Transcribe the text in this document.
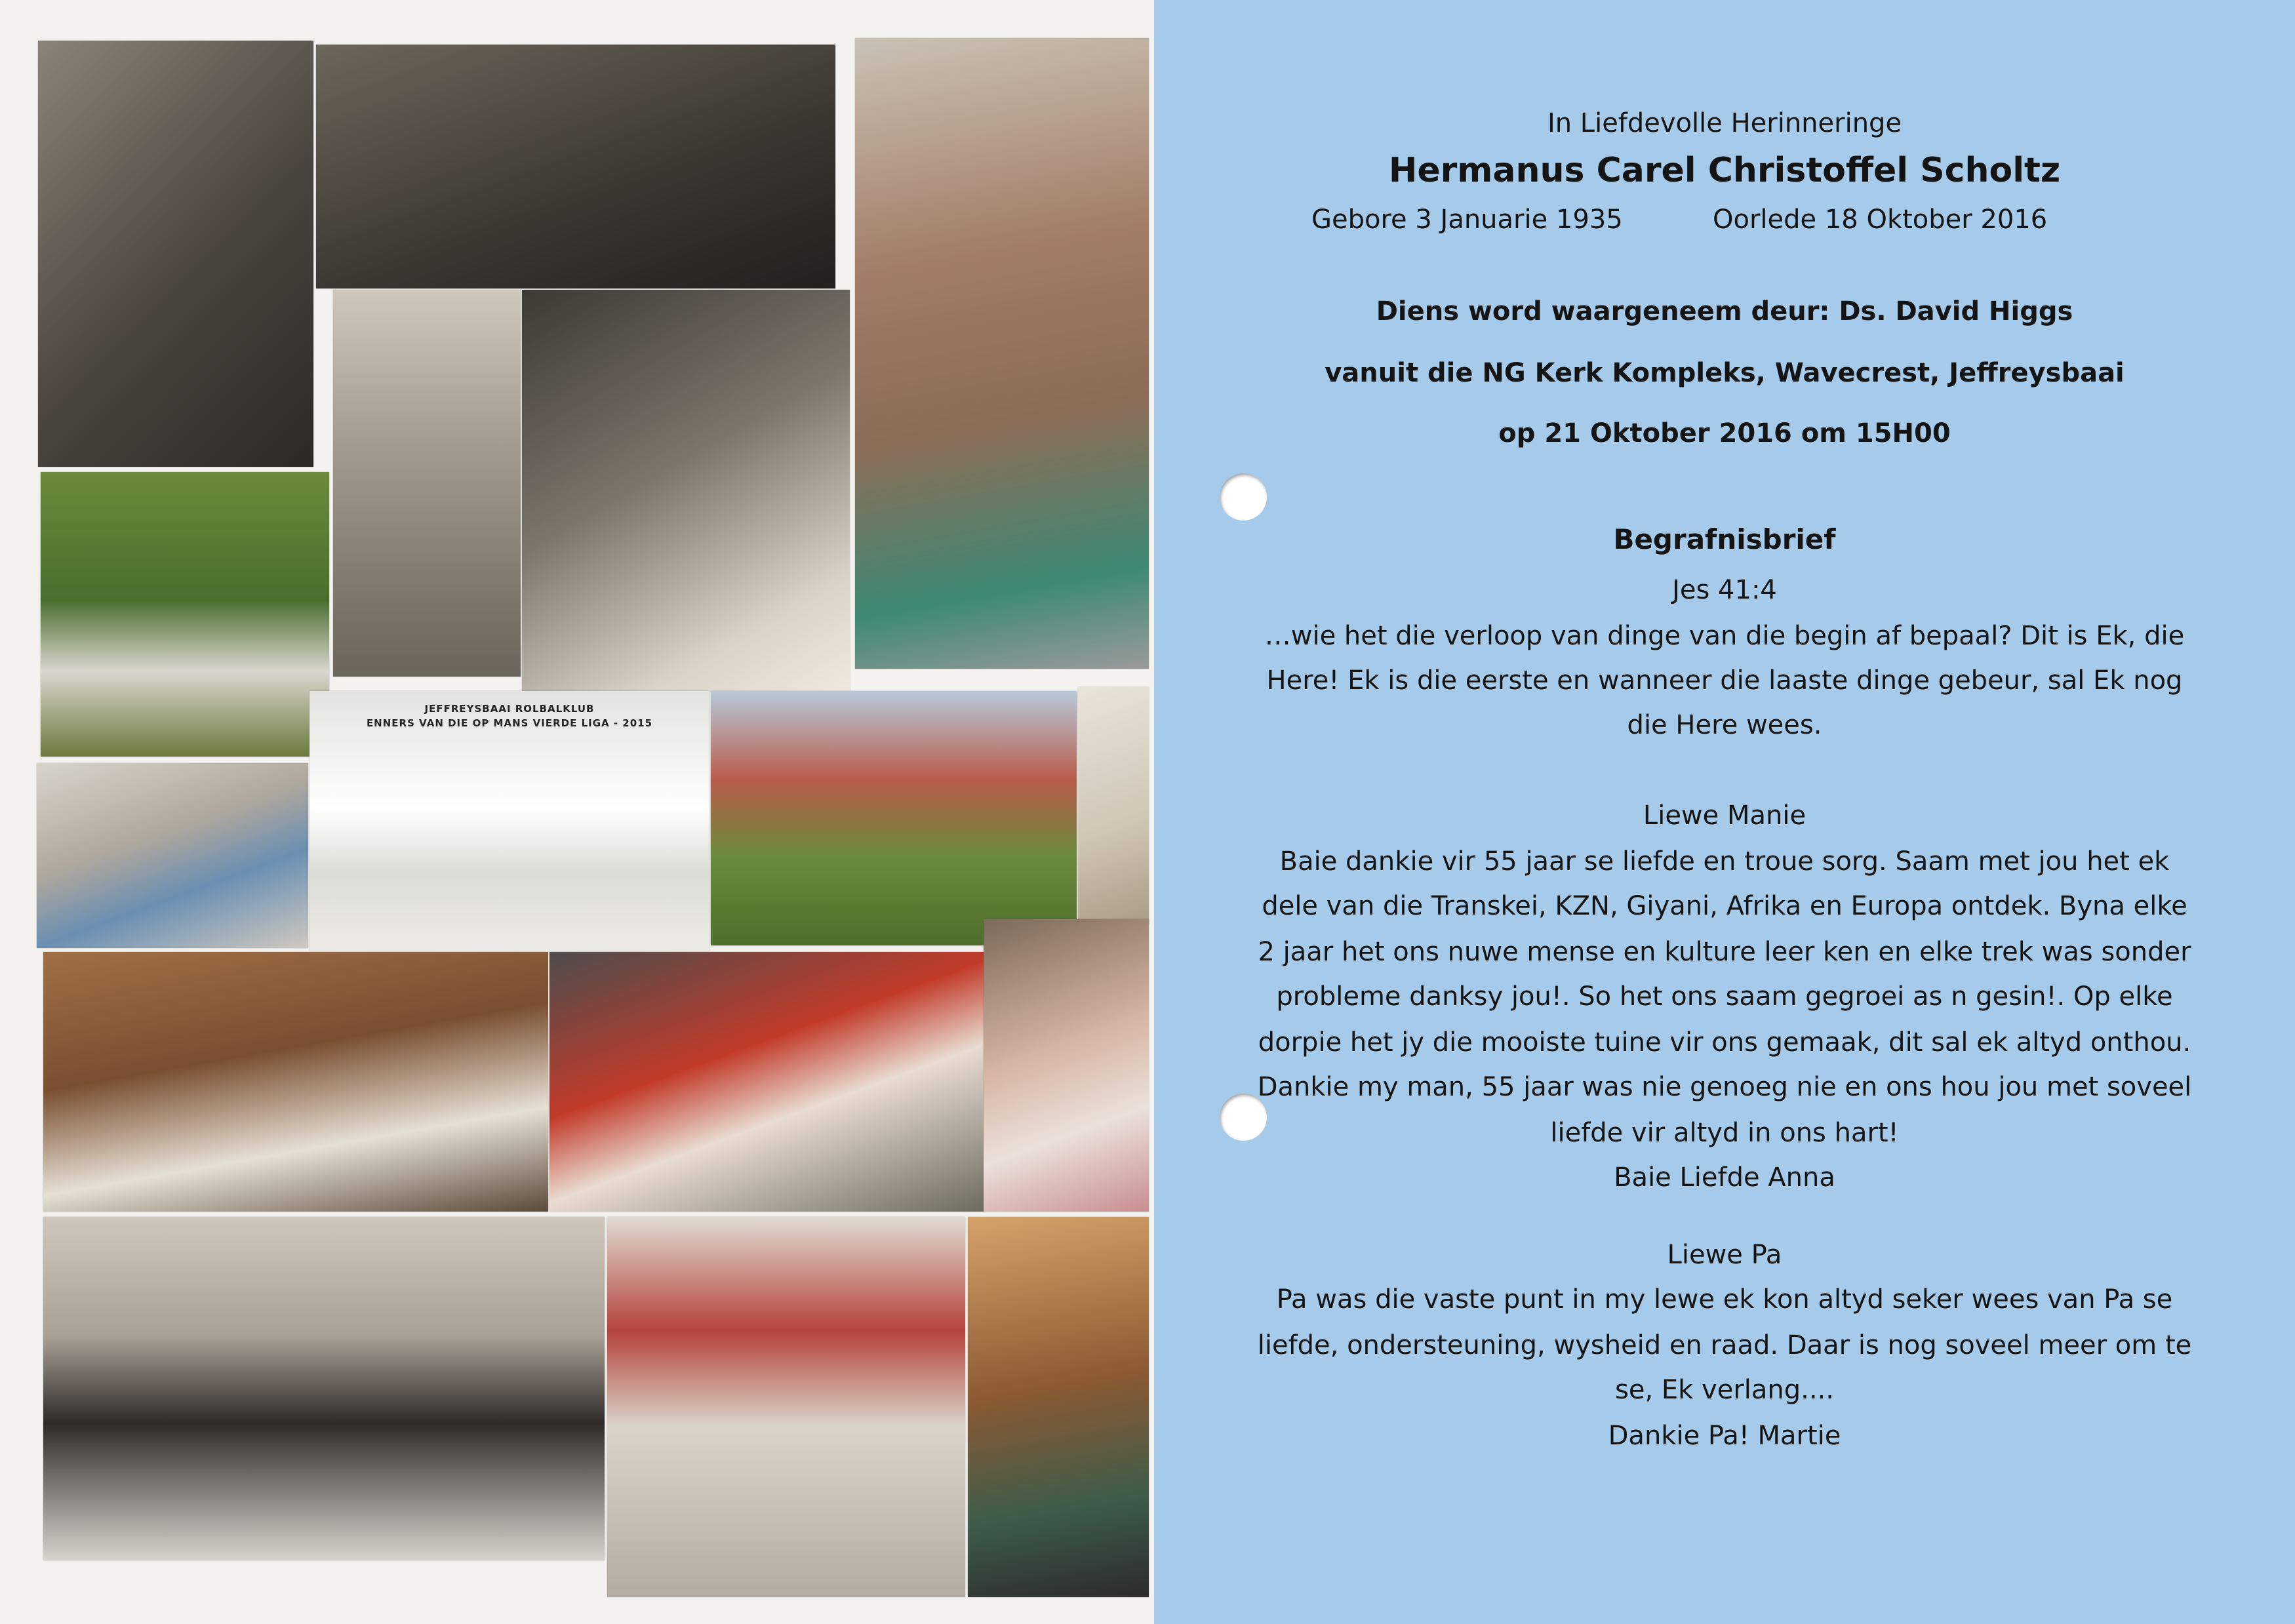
JEFFREYSBAAI ROLBALKLUB
ENNERS VAN DIE OP MANS VIERDE LIGA - 2015
In Liefdevolle Herinneringe
Hermanus Carel Christoffel Scholtz
Gebore 3 Januarie 1935	Oorlede 18 Oktober 2016
Diens word waargeneem deur: Ds. David Higgs
vanuit die NG Kerk Kompleks, Wavecrest, Jeffreysbaai
op 21 Oktober 2016 om 15H00
Begrafnisbrief
Jes 41:4
…wie het die verloop van dinge van die begin af bepaal? Dit is Ek, die
Here! Ek is die eerste en wanneer die laaste dinge gebeur, sal Ek nog
die Here wees.
Liewe Manie
Baie dankie vir 55 jaar se liefde en troue sorg. Saam met jou het ek
dele van die Transkei, KZN, Giyani, Afrika en Europa ontdek. Byna elke
2 jaar het ons nuwe mense en kulture leer ken en elke trek was sonder
probleme danksy jou!. So het ons saam gegroei as n gesin!. Op elke
dorpie het jy die mooiste tuine vir ons gemaak, dit sal ek altyd onthou.
Dankie my man, 55 jaar was nie genoeg nie en ons hou jou met soveel
liefde vir altyd in ons hart!
Baie Liefde Anna
Liewe Pa
Pa was die vaste punt in my lewe ek kon altyd seker wees van Pa se
liefde, ondersteuning, wysheid en raad. Daar is nog soveel meer om te
se, Ek verlang....
Dankie Pa! Martie
